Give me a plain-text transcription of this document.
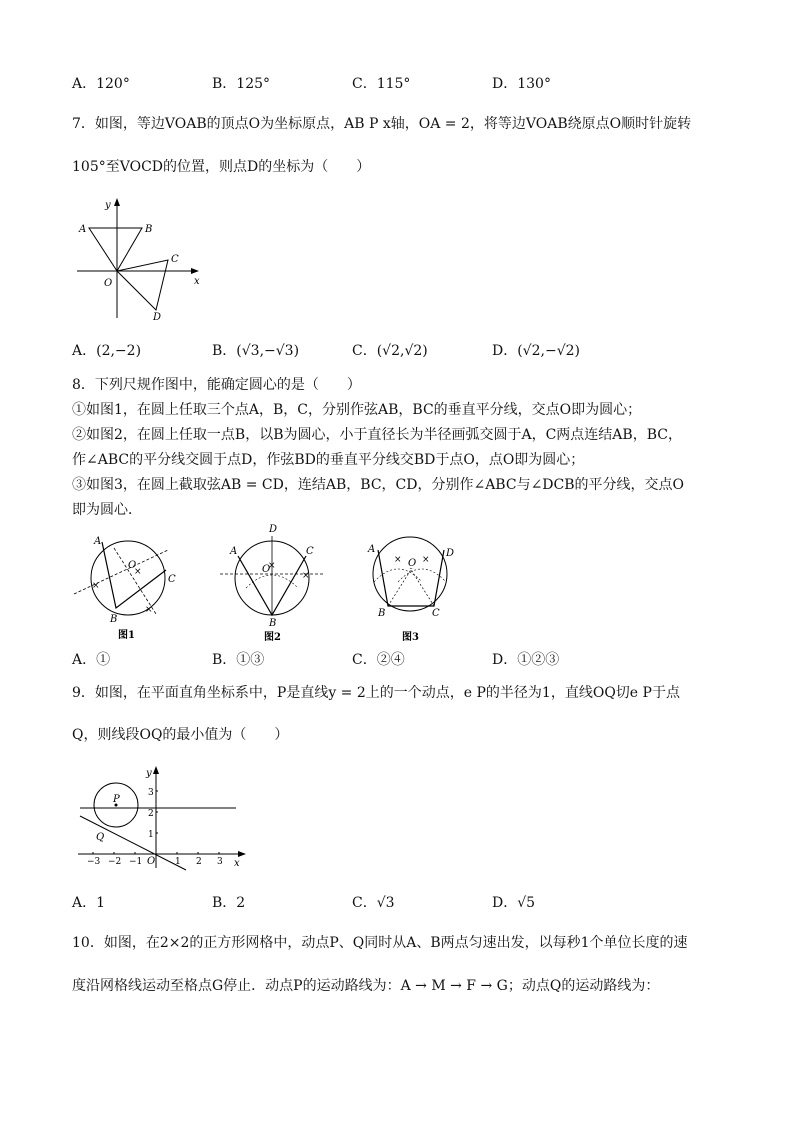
A．120°	B．125°	C．115°	D．130°
7．如图，等边VOAB的顶点O为坐标原点，AB P x轴，OA = 2，将等边VOAB绕原点O顺时针旋转
105°至VOCD的位置，则点D的坐标为（　　）
y
A	B
C
O	x
D
A．(2,−2)	B．(√3,−√3)	C．(√2,√2)	D．(√2,−√2)
8．下列尺规作图中，能确定圆心的是（　　）
①如图1，在圆上任取三个点A，B，C，分别作弦AB，BC的垂直平分线，交点O即为圆心；
②如图2，在圆上任取一点B，以B为圆心，小于直径长为半径画弧交圆于A，C两点连结AB，BC，
作∠ABC的平分线交圆于点D，作弦BD的垂直平分线交BD于点O，点O即为圆心；
③如图3，在圆上截取弦AB = CD，连结AB，BC，CD，分别作∠ABC与∠DCB的平分线，交点O
即为圆心．
×
×
×
A
O
C
B
图1
×
×
D
A	C
O
B
图2
× ×
A	D
O
B	C
图3
A．①	B．①③	C．②④	D．①②③
9．如图，在平面直角坐标系中，P是直线y = 2上的一个动点，e P的半径为1，直线OQ切e P于点
Q，则线段OQ的最小值为（　　）
y
3
P
2
1
Q
−3 −2 −1 O 1 2 3 x
A．1	B．2	C．√3	D．√5
10．如图，在2×2的正方形网格中，动点P、Q同时从A、B两点匀速出发，以每秒1个单位长度的速
度沿网格线运动至格点G停止．动点P的运动路线为：A → M → F → G；动点Q的运动路线为：
